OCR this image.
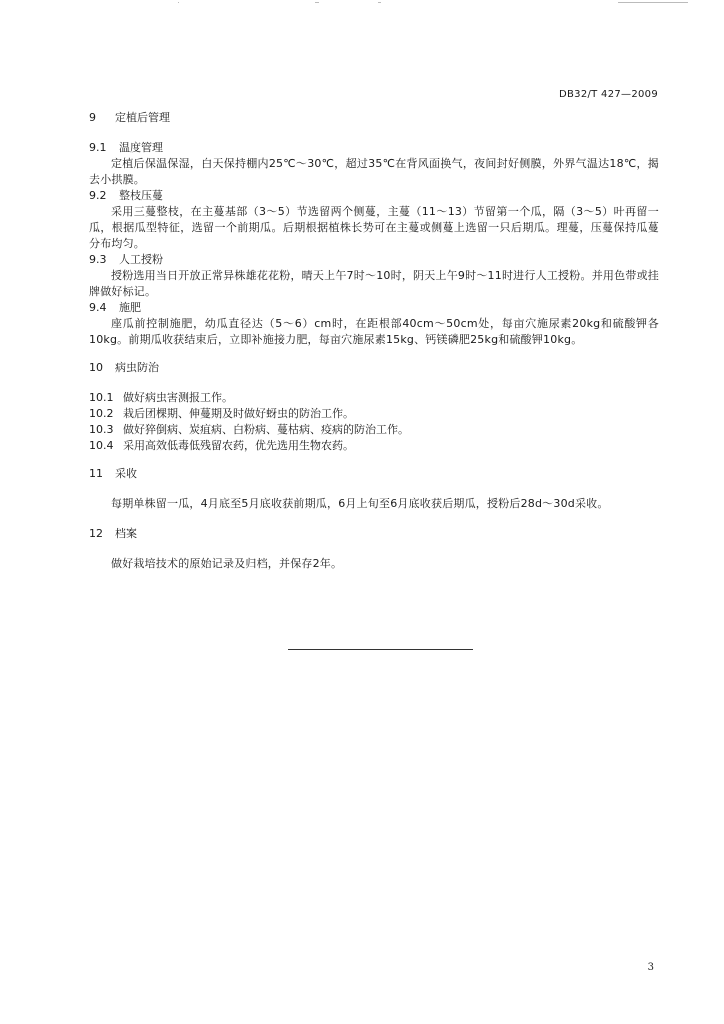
DB32/T 427—2009
9	定植后管理
9.1	温度管理

定植后保温保湿，白天保持棚内25℃～30℃，超过35℃在背风面换气，夜间封好侧膜，外界气温达18℃，揭去小拱膜。

9.2	整枝压蔓

采用三蔓整枝，在主蔓基部（3～5）节选留两个侧蔓，主蔓（11～13）节留第一个瓜，隔（3～5）叶再留一瓜，根据瓜型特征，选留一个前期瓜。后期根据植株长势可在主蔓或侧蔓上选留一只后期瓜。理蔓，压蔓保持瓜蔓分布均匀。

9.3	人工授粉

授粉选用当日开放正常异株雄花花粉，晴天上午7时～10时，阴天上午9时～11时进行人工授粉。并用色带或挂牌做好标记。

9.4	施肥

座瓜前控制施肥，幼瓜直径达（5～6）cm时，在距根部40cm～50cm处，每亩穴施尿素20kg和硫酸钾各10kg。前期瓜收获结束后，立即补施接力肥，每亩穴施尿素15kg、钙镁磷肥25kg和硫酸钾10kg。

10	病虫防治
10.1 做好病虫害测报工作。
10.2 栽后团棵期、伸蔓期及时做好蚜虫的防治工作。
10.3 做好猝倒病、炭疽病、白粉病、蔓枯病、疫病的防治工作。
10.4 采用高效低毒低残留农药，优先选用生物农药。
11	采收

每期单株留一瓜，4月底至5月底收获前期瓜，6月上旬至6月底收获后期瓜，授粉后28d～30d采收。

12	档案

做好栽培技术的原始记录及归档，并保存2年。

3
